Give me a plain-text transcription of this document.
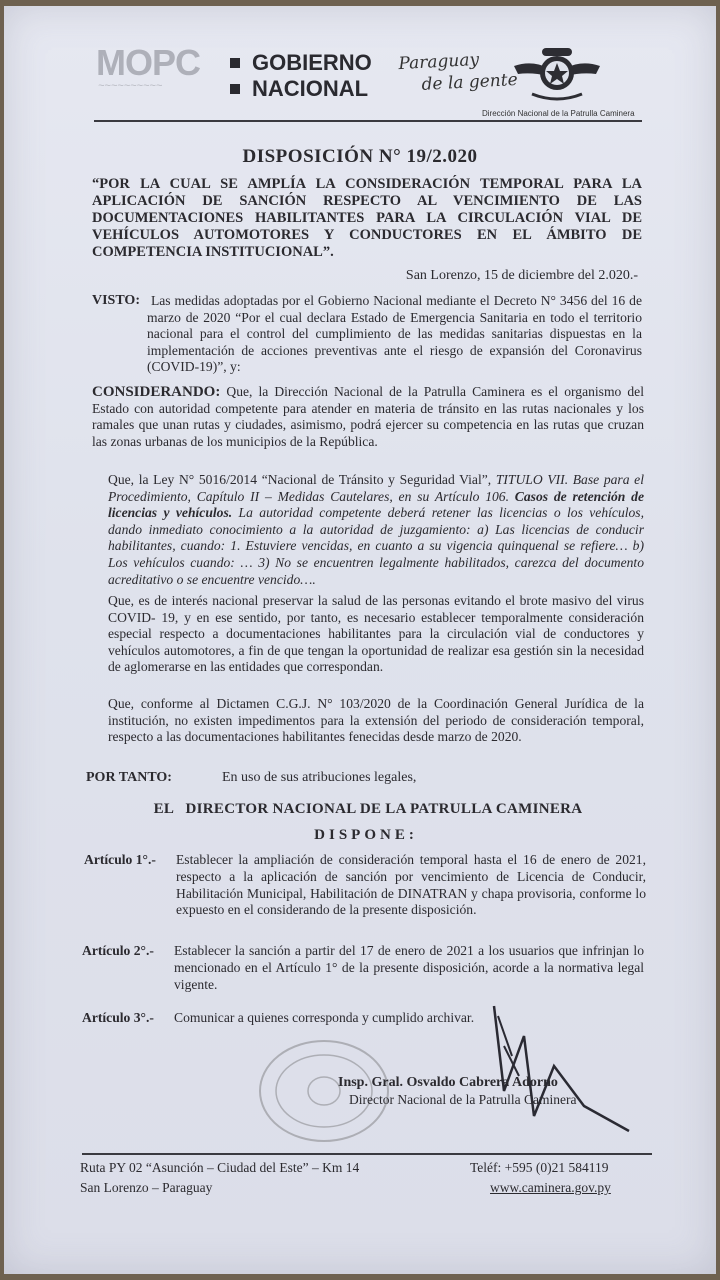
MOPC
~~~~~~~~~~
GOBIERNO
NACIONAL
Paraguay
de la gente
Dirección Nacional de la Patrulla Caminera
DISPOSICIÓN N° 19/2.020
“POR LA CUAL SE AMPLÍA LA CONSIDERACIÓN TEMPORAL PARA LA APLICACIÓN DE SANCIÓN RESPECTO AL VENCIMIENTO DE LAS DOCUMENTACIONES HABILITANTES PARA LA CIRCULACIÓN VIAL DE VEHÍCULOS AUTOMOTORES Y CONDUCTORES EN EL ÁMBITO DE COMPETENCIA INSTITUCIONAL”.
San Lorenzo, 15 de diciembre del 2.020.-
VISTO: Las medidas adoptadas por el Gobierno Nacional mediante el Decreto N° 3456 del 16 de marzo de 2020 “Por el cual declara Estado de Emergencia Sanitaria en todo el territorio nacional para el control del cumplimiento de las medidas sanitarias dispuestas en la implementación de acciones preventivas ante el riesgo de expansión del Coronavirus (COVID-19)”, y:
CONSIDERANDO: Que, la Dirección Nacional de la Patrulla Caminera es el organismo del Estado con autoridad competente para atender en materia de tránsito en las rutas nacionales y los ramales que unan rutas y ciudades, asimismo, podrá ejercer su competencia en las rutas que cruzan las zonas urbanas de los municipios de la República.
Que, la Ley N° 5016/2014 “Nacional de Tránsito y Seguridad Vial”, TITULO VII. Base para el Procedimiento, Capítulo II – Medidas Cautelares, en su Artículo 106. Casos de retención de licencias y vehículos. La autoridad competente deberá retener las licencias o los vehículos, dando inmediato conocimiento a la autoridad de juzgamiento: a) Las licencias de conducir habilitantes, cuando: 1. Estuviere vencidas, en cuanto a su vigencia quinquenal se refiere… b) Los vehículos cuando: … 3) No se encuentren legalmente habilitados, carezca del documento acreditativo o se encuentre vencido….
Que, es de interés nacional preservar la salud de las personas evitando el brote masivo del virus COVID- 19, y en ese sentido, por tanto, es necesario establecer temporalmente consideración especial respecto a documentaciones habilitantes para la circulación vial de conductores y vehículos automotores, a fin de que tengan la oportunidad de realizar esa gestión sin la necesidad de aglomerarse en las entidades que correspondan.
Que, conforme al Dictamen C.G.J. N° 103/2020 de la Coordinación General Jurídica de la institución, no existen impedimentos para la extensión del periodo de consideración temporal, respecto a las documentaciones habilitantes fenecidas desde marzo de 2020.
POR TANTO:	En uso de sus atribuciones legales,
EL   DIRECTOR NACIONAL DE LA PATRULLA CAMINERA
DISPONE:
Artículo 1°.- Establecer la ampliación de consideración temporal hasta el 16 de enero de 2021, respecto a la aplicación de sanción por vencimiento de Licencia de Conducir, Habilitación Municipal, Habilitación de DINATRAN y chapa provisoria, conforme lo expuesto en el considerando de la presente disposición.
Artículo 2°.- Establecer la sanción a partir del 17 de enero de 2021 a los usuarios que infrinjan lo mencionado en el Artículo 1° de la presente disposición, acorde a la normativa legal vigente.
Artículo 3°.- Comunicar a quienes corresponda y cumplido archivar.
Insp. Gral. Osvaldo Cabrera Adorno
Director Nacional de la Patrulla Caminera
Ruta PY 02 “Asunción – Ciudad del Este” – Km 14
San Lorenzo – Paraguay
Teléf: +595 (0)21 584119
www.caminera.gov.py
